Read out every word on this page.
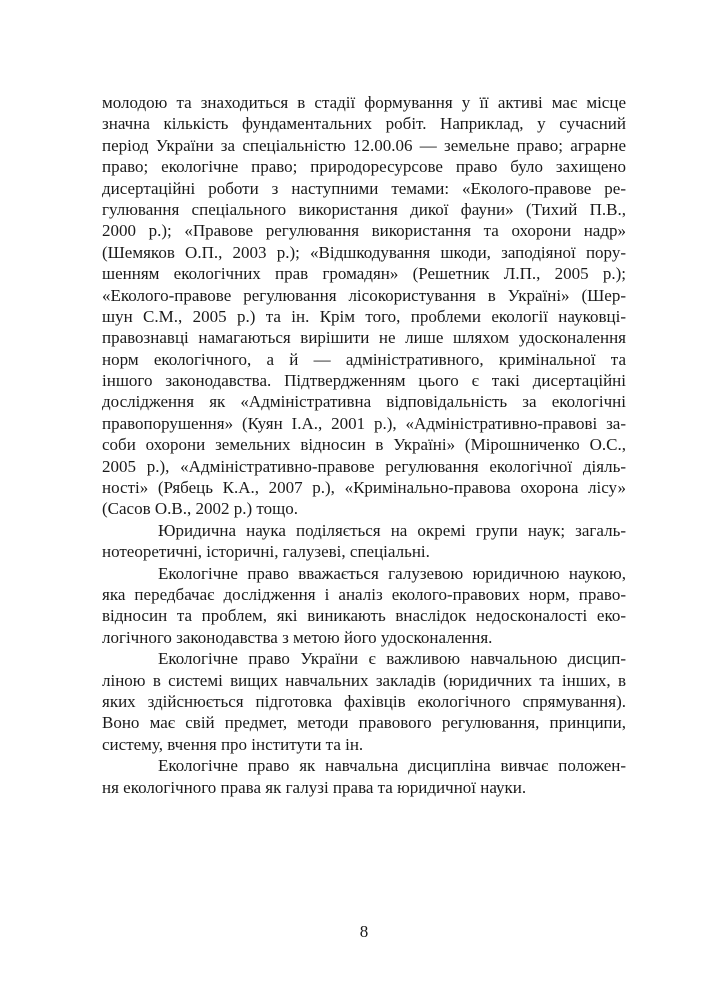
молодою та знаходиться в стадії формування у її активі має місце
значна кількість фундаментальних робіт. Наприклад, у сучасний
період України за спеціальністю 12.00.06 — земельне право; аграрне
право; екологічне право; природоресурсове право було захищено
дисертаційні роботи з наступними темами: «Еколого-правове ре-
гулювання спеціального використання дикої фауни» (Тихий П.В.,
2000 р.); «Правове регулювання використання та охорони надр»
(Шемяков О.П., 2003 р.); «Відшкодування шкоди, заподіяної пору-
шенням екологічних прав громадян» (Решетник Л.П., 2005 р.);
«Еколого-правове регулювання лісокористування в Україні» (Шер-
шун С.М., 2005 р.) та ін. Крім того, проблеми екології науковці-
правознавці намагаються вирішити не лише шляхом удосконалення
норм екологічного, а й — адміністративного, кримінальної та
іншого законодавства. Підтвердженням цього є такі дисертаційні
дослідження як «Адміністративна відповідальність за екологічні
правопорушення» (Куян І.А., 2001 р.), «Адміністративно-правові за-
соби охорони земельних відносин в Україні» (Мірошниченко О.С.,
2005 р.), «Адміністративно-правове регулювання екологічної діяль-
ності» (Рябець К.А., 2007 р.), «Кримінально-правова охорона лісу»
(Сасов О.В., 2002 р.) тощо.
Юридична наука поділяється на окремі групи наук; загаль-
нотеоретичні, історичні, галузеві, спеціальні.
Екологічне право вважається галузевою юридичною наукою,
яка передбачає дослідження і аналіз еколого-правових норм, право-
відносин та проблем, які виникають внаслідок недосконалості еко-
логічного законодавства з метою його удосконалення.
Екологічне право України є важливою навчальною дисцип-
ліною в системі вищих навчальних закладів (юридичних та інших, в
яких здійснюється підготовка фахівців екологічного спрямування).
Воно має свій предмет, методи правового регулювання, принципи,
систему, вчення про інститути та ін.
Екологічне право як навчальна дисципліна вивчає положен-
ня екологічного права як галузі права та юридичної науки.
8
